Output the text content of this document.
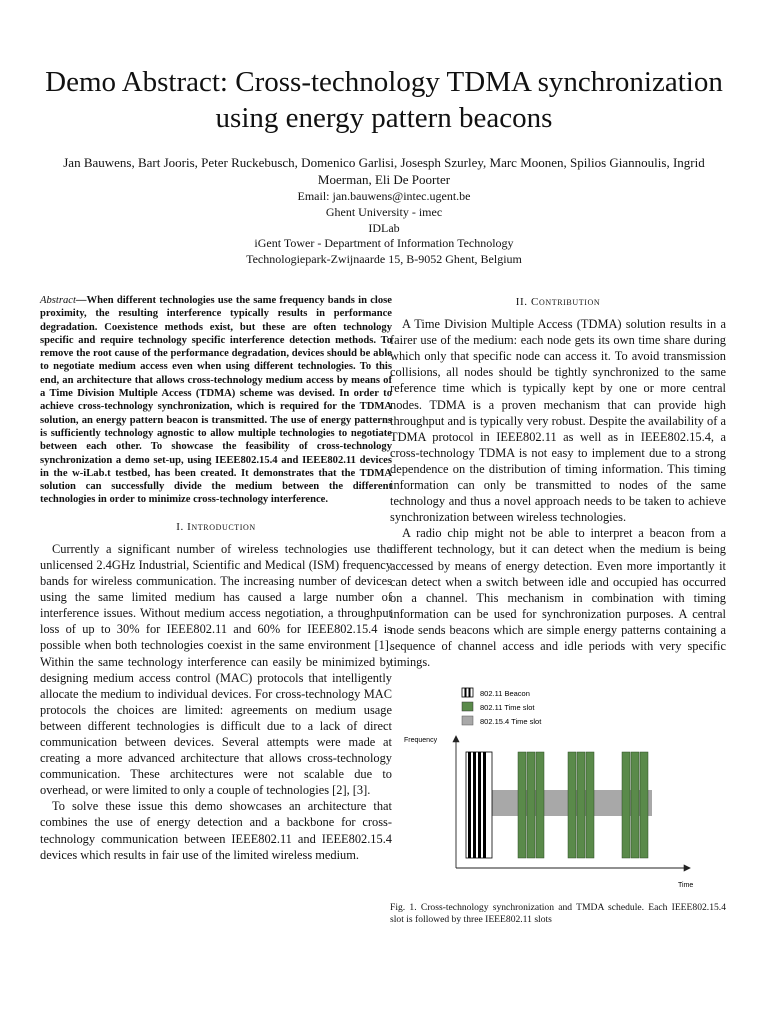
Demo Abstract: Cross-technology TDMA synchronization using energy pattern beacons
Jan Bauwens, Bart Jooris, Peter Ruckebusch, Domenico Garlisi, Josesph Szurley, Marc Moonen, Spilios Giannoulis, Ingrid Moerman, Eli De Poorter
Email: jan.bauwens@intec.ugent.be
Ghent University - imec
IDLab
iGent Tower - Department of Information Technology
Technologiepark-Zwijnaarde 15, B-9052 Ghent, Belgium

Abstract—When different technologies use the same frequency bands in close proximity, the resulting interference typically results in performance degradation. Coexistence methods exist, but these are often technology specific and require technology specific interference detection methods. To remove the root cause of the performance degradation, devices should be able to negotiate medium access even when using different technologies. To this end, an architecture that allows cross-technology medium access by means of a Time Division Multiple Access (TDMA) scheme was devised. In order to achieve cross-technology synchronization, which is required for the TDMA solution, an energy pattern beacon is transmitted. The use of energy patterns is sufficiently technology agnostic to allow multiple technologies to negotiate between each other. To showcase the feasibility of cross-technology synchronization a demo set-up, using IEEE802.15.4 and IEEE802.11 devices in the w-iLab.t testbed, has been created. It demonstrates that the TDMA solution can successfully divide the medium between the different technologies in order to minimize cross-technology interference.

I. Introduction

Currently a significant number of wireless technologies use the unlicensed 2.4GHz Industrial, Scientific and Medical (ISM) frequency bands for wireless communication. The increasing number of devices using the same limited medium has caused a large number of interference issues. Without medium access negotiation, a throughput loss of up to 30% for IEEE802.11 and 60% for IEEE802.15.4 is possible when both technologies coexist in the same environment [1]. Within the same technology interference can easily be minimized by designing medium access control (MAC) protocols that intelligently allocate the medium to individual devices. For cross-technology MAC protocols the choices are limited: agreements on medium usage between different technologies is difficult due to a lack of direct communication between devices. Several attempts were made at creating a more advanced architecture that allows cross-technology communication. These architectures were not scalable due to overhead, or were limited to only a couple of technologies [2], [3].

To solve these issue this demo showcases an architecture that combines the use of energy detection and a backbone for cross-technology communication between IEEE802.11 and IEEE802.15.4 devices which results in fair use of the limited wireless medium.

II. Contribution

A Time Division Multiple Access (TDMA) solution results in a fairer use of the medium: each node gets its own time share during which only that specific node can access it. To avoid transmission collisions, all nodes should be tightly synchronized to the same reference time which is typically kept by one or more central nodes. TDMA is a proven mechanism that can provide high throughput and is typically very robust. Despite the availability of a TDMA protocol in IEEE802.11 as well as in IEEE802.15.4, a cross-technology TDMA is not easy to implement due to a strong dependence on the distribution of timing information. This timing information can only be transmitted to nodes of the same technology and thus a novel approach needs to be taken to achieve synchronization between wireless technologies.

A radio chip might not be able to interpret a beacon from a different technology, but it can detect when the medium is being accessed by means of energy detection. Even more importantly it can detect when a switch between idle and occupied has occurred on a channel. This mechanism in combination with timing information can be used for synchronization purposes. A central node sends beacons which are simple energy patterns containing a sequence of channel access and idle periods with very specific timings.

802.11 Beacon
802.11 Time slot
802.15.4 Time slot
Frequency
Time
Fig. 1. Cross-technology synchronization and TMDA schedule. Each IEEE802.15.4 slot is followed by three IEEE802.11 slots
